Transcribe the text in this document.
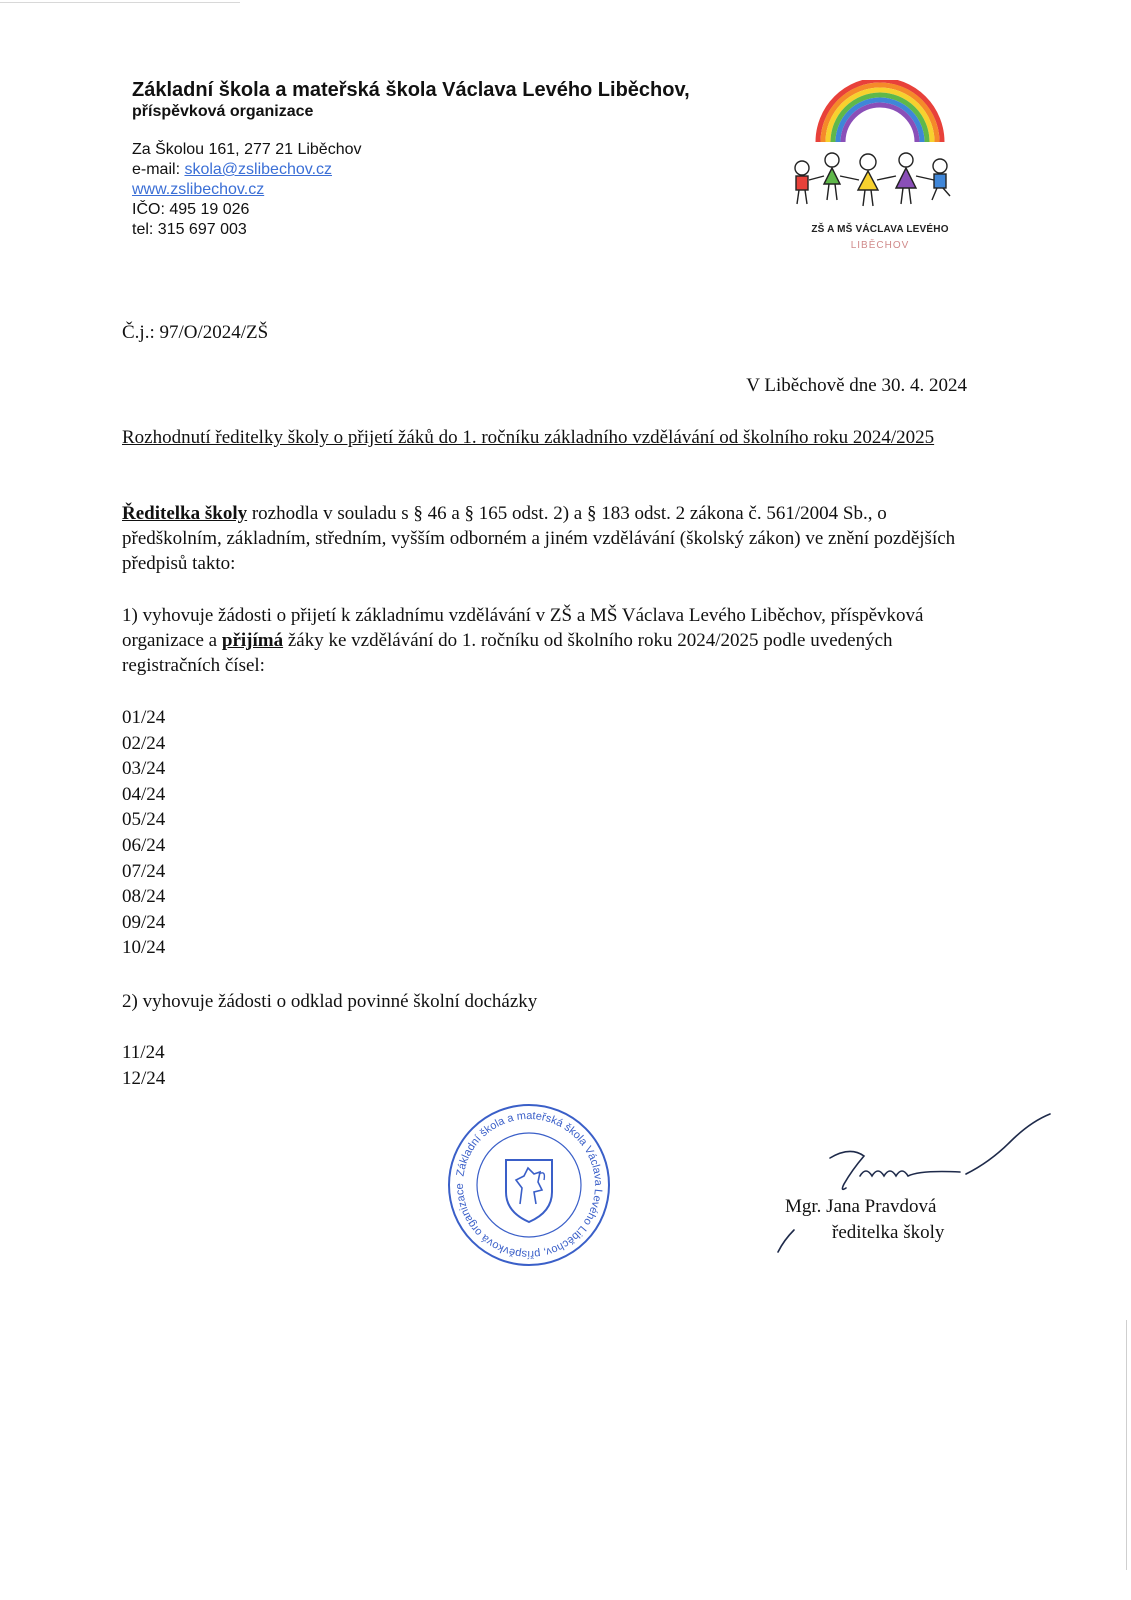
Základní škola a mateřská škola Václava Levého Liběchov,

příspěvková organizace

Za Školou 161, 277 21 Liběchov

e-mail: skola@zslibechov.cz

www.zslibechov.cz

IČO: 495 19 026

tel: 315 697 003	ZŠ A MŠ VÁCLAVA LEVÉHO
LIBĚCHOV

Č.j.: 97/O/2024/ZŠ

V Liběchově dne 30. 4. 2024

Rozhodnutí ředitelky školy o přijetí žáků do 1. ročníku základního vzdělávání od školního roku 2024/2025

Ředitelka školy rozhodla v souladu s § 46 a § 165 odst. 2) a § 183 odst. 2 zákona č. 561/2004 Sb., o předškolním, základním, středním, vyšším odborném a jiném vzdělávání (školský zákon) ve znění pozdějších předpisů takto:

1) vyhovuje žádosti o přijetí k základnímu vzdělávání v ZŠ a MŠ Václava Levého Liběchov, příspěvková organizace a přijímá žáky ke vzdělávání do 1. ročníku od školního roku 2024/2025 podle uvedených registračních čísel:

01/24
02/24
03/24
04/24
05/24
06/24
07/24
08/24
09/24
10/24

2) vyhovuje žádosti o odklad povinné školní docházky

11/24
12/24
Základní škola a mateřská škola Václava Levého Liběchov, příspěvková organizace
Mgr. Jana Pravdová
ředitelka školy
